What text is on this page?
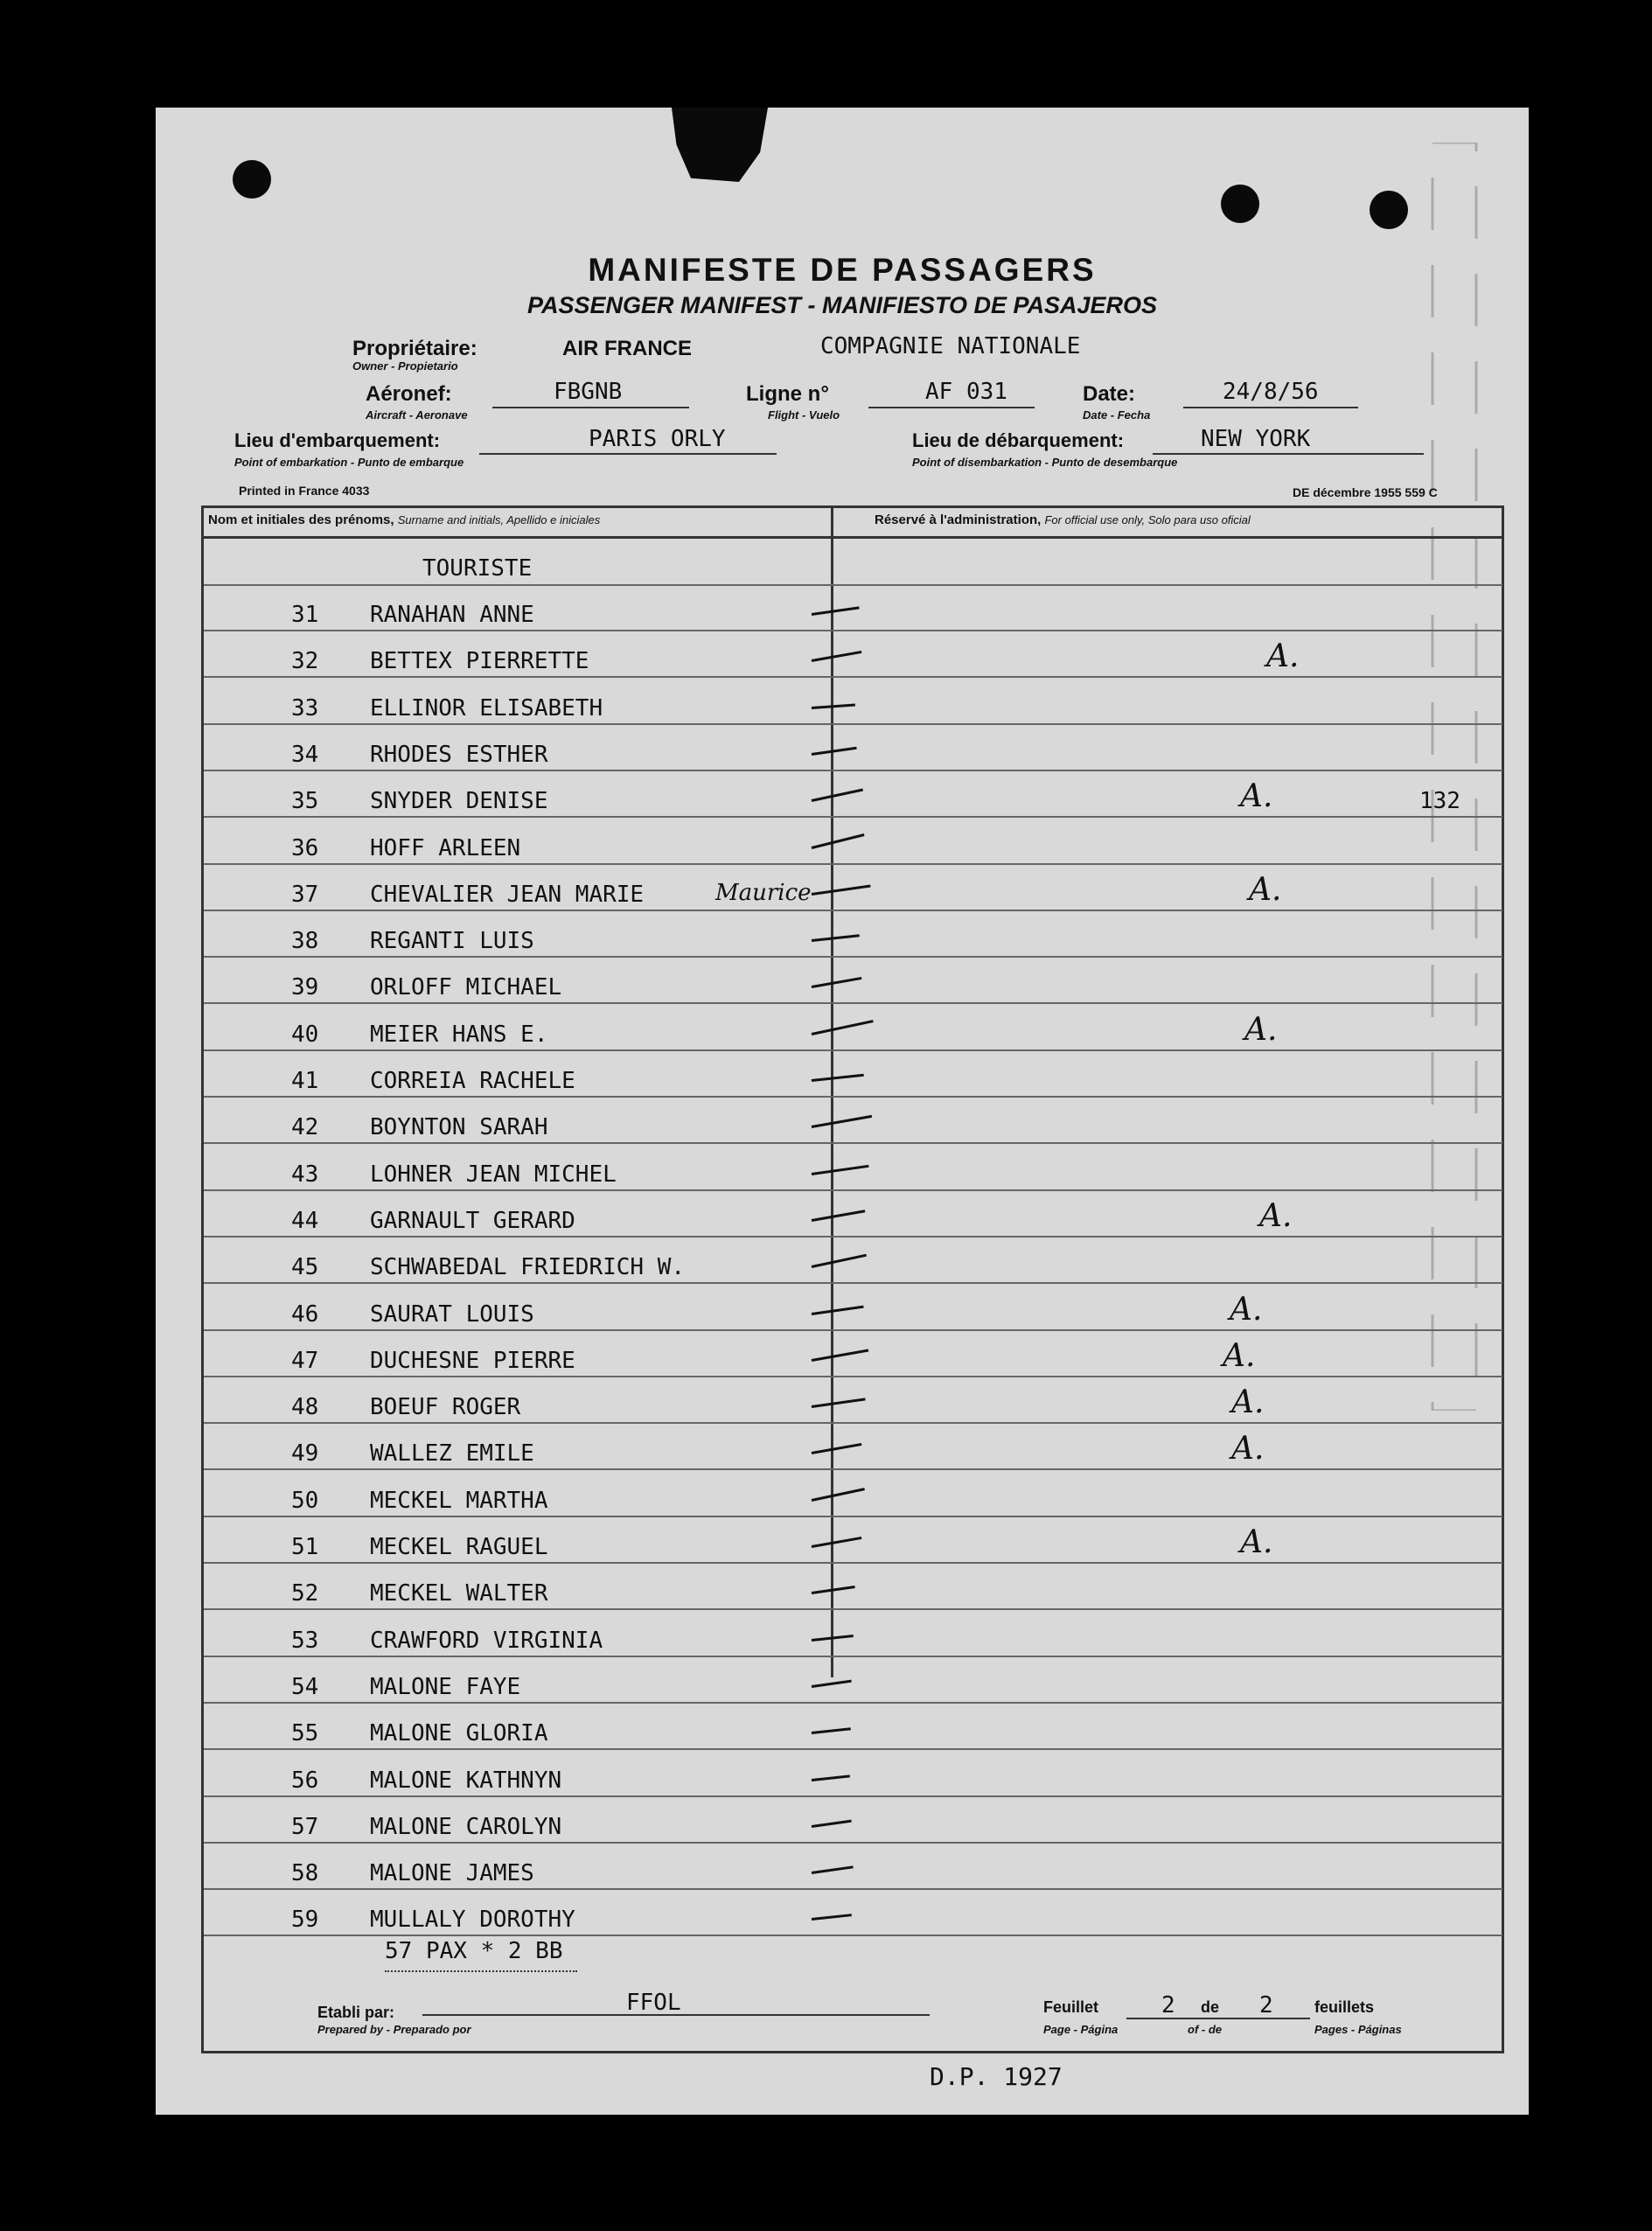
MANIFESTE DE PASSAGERS
PASSENGER MANIFEST - MANIFIESTO DE PASAJEROS
Propriétaire:	AIR FRANCE
Owner - Propietario
COMPAGNIE NATIONALE
Aéronef:	FBGNB
Aircraft - Aeronave
Ligne n°	AF 031
Flight - Vuelo
Date:	24/8/56
Date - Fecha
Lieu d'embarquement:	PARIS ORLY
Point of embarkation - Punto de embarque
Lieu de débarquement:	NEW YORK
Point of disembarkation - Punto de desembarque
Printed in France 4033	DE décembre 1955 559 C
Nom et initiales des prénoms, Surname and initials, Apellido e iniciales	Réservé à l'administration, For official use only, Solo para uso oficial
TOURISTE
31 RANAHAN ANNE
32 BETTEX PIERRETTE	A.
33 ELLINOR ELISABETH
34 RHODES ESTHER
35 SNYDER DENISE	A.	132
36 HOFF ARLEEN
37 CHEVALIER JEAN MARIE	Maurice	A.
38 REGANTI LUIS
39 ORLOFF MICHAEL
40 MEIER HANS E.	A.
41 CORREIA RACHELE
42 BOYNTON SARAH
43 LOHNER JEAN MICHEL
44 GARNAULT GERARD	A.
45 SCHWABEDAL FRIEDRICH W.
46 SAURAT LOUIS	A.
47 DUCHESNE PIERRE	A.
48 BOEUF ROGER	A.
49 WALLEZ EMILE	A.
50 MECKEL MARTHA
51 MECKEL RAGUEL	A.
52 MECKEL WALTER
53 CRAWFORD VIRGINIA
54 MALONE FAYE
55 MALONE GLORIA
56 MALONE KATHNYN
57 MALONE CAROLYN
58 MALONE JAMES
59 MULLALY DOROTHY
57 PAX * 2 BB
Etabli par:	FFOL
Prepared by - Preparado por
Feuillet	2 de 2	feuillets
Page - Página	of - de	Pages - Páginas
D.P. 1927
